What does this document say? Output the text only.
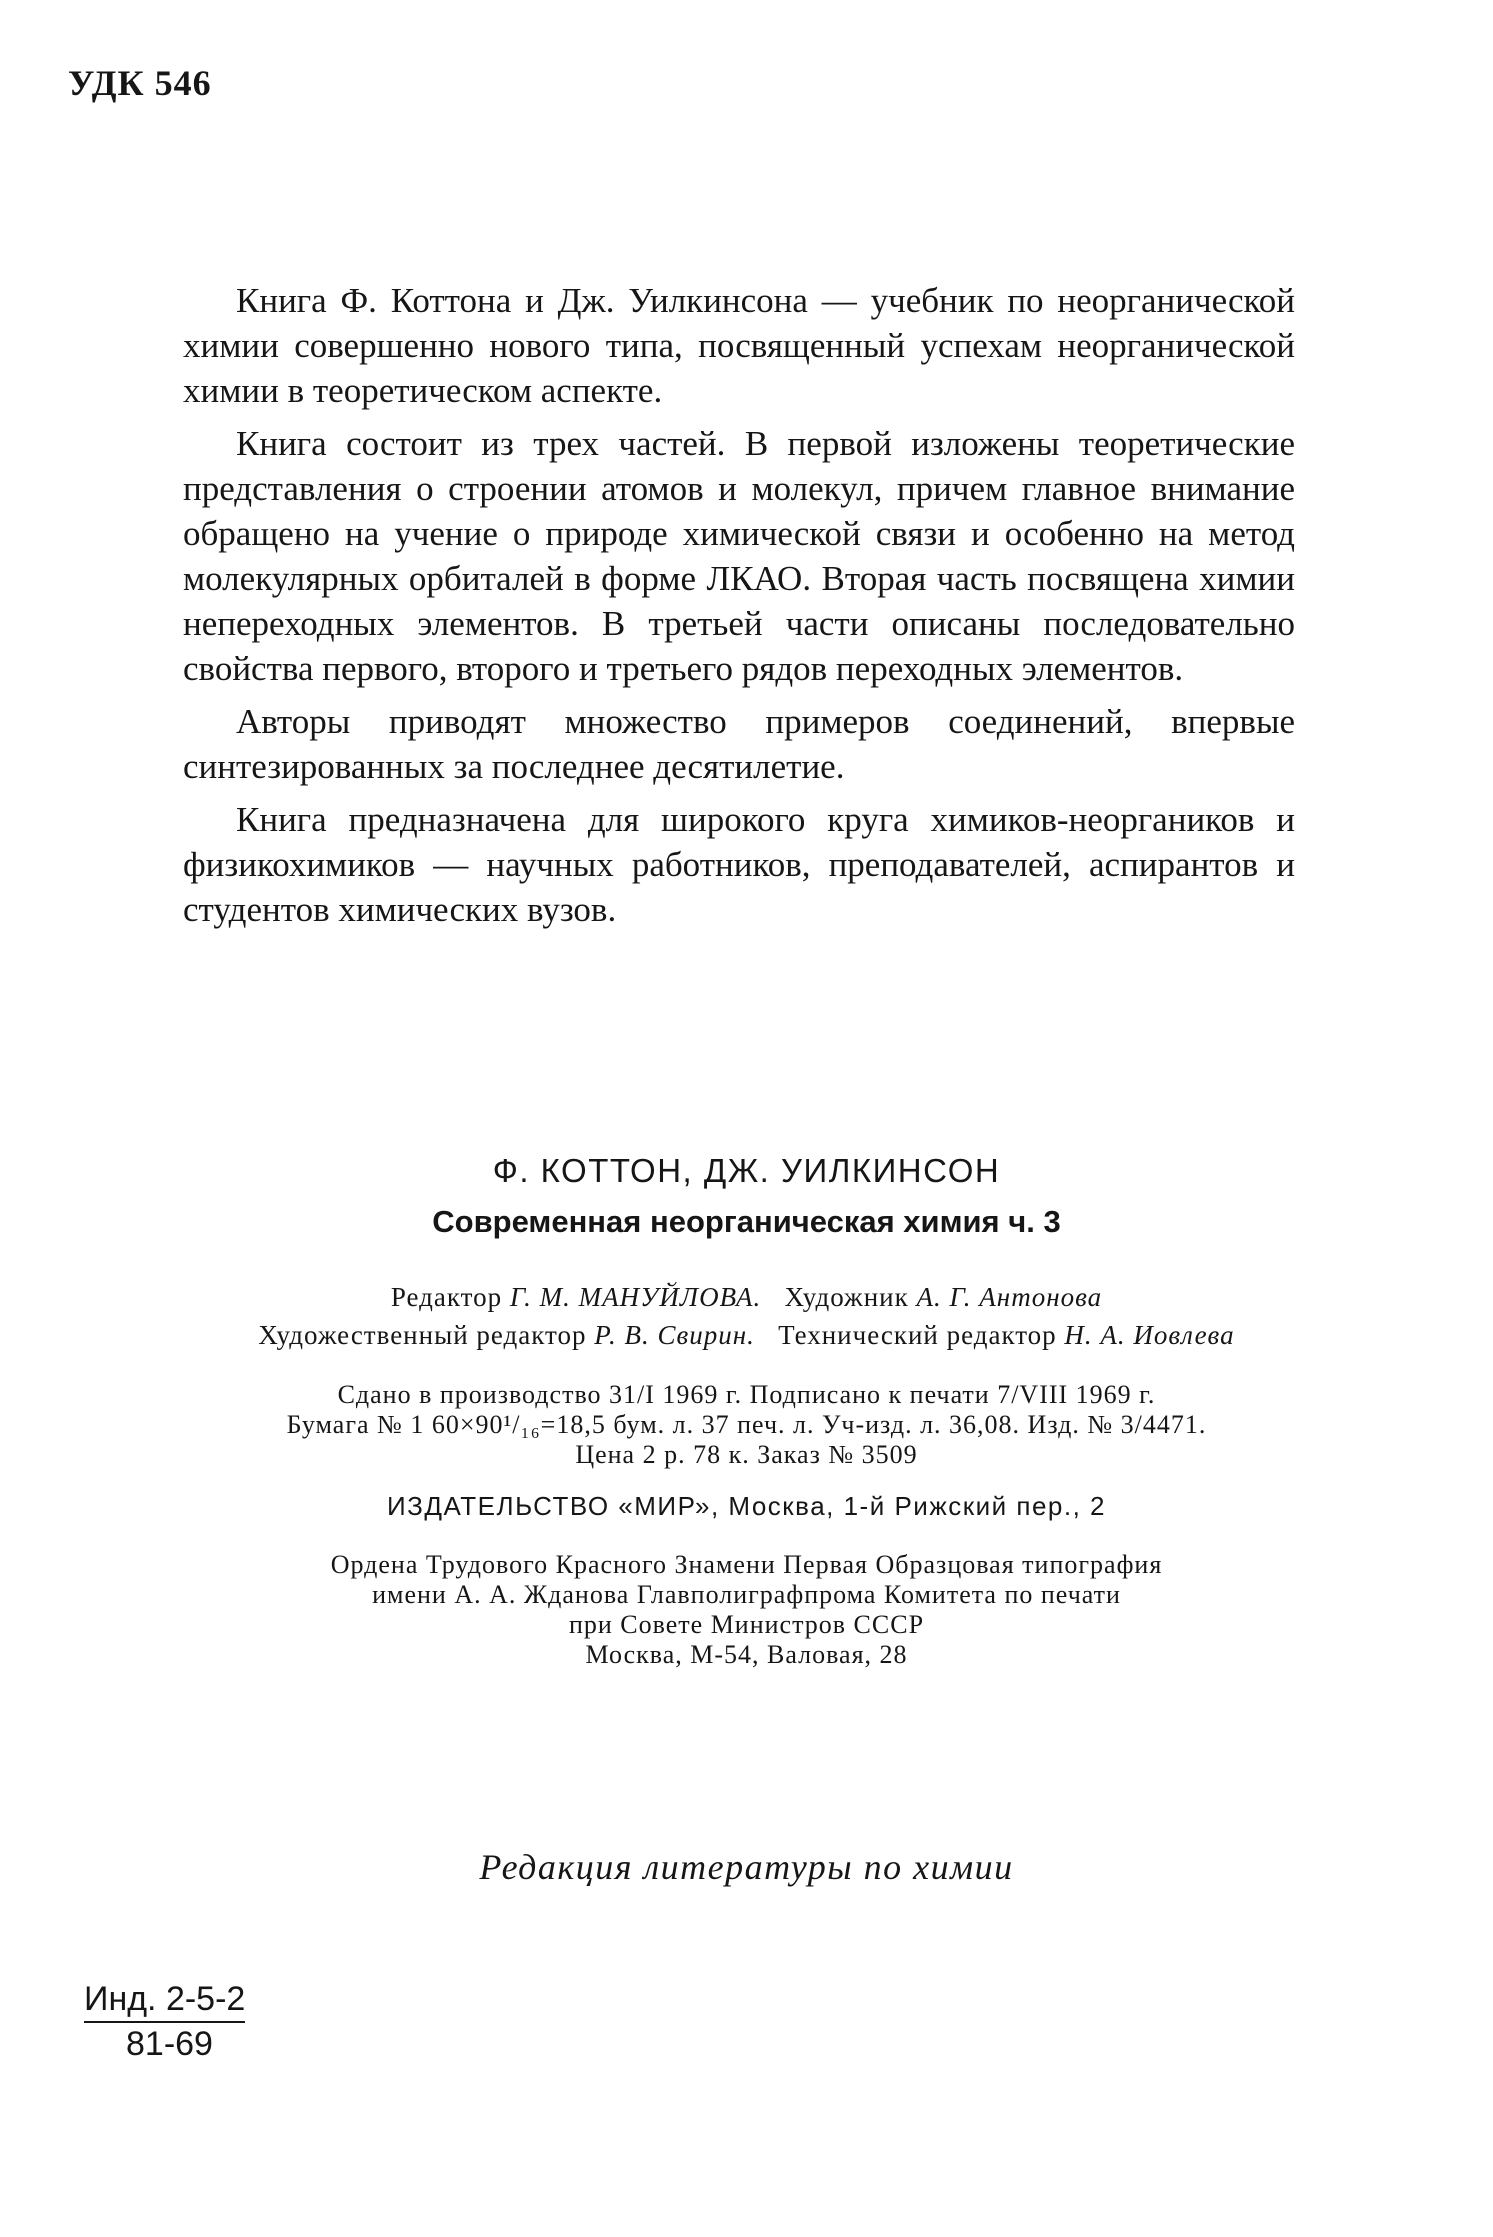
УДК 546

Книга Ф. Коттона и Дж. Уилкинсона — учебник по неорганической химии совершенно нового типа, посвященный успехам неорганической химии в теоретическом аспекте.

Книга состоит из трех частей. В первой изложены теоретические представления о строении атомов и молекул, причем главное внимание обращено на учение о природе химической связи и особенно на метод молекулярных орбиталей в форме ЛКАО. Вторая часть посвящена химии непереходных элементов. В третьей части описаны последовательно свойства первого, второго и третьего рядов переходных элементов.

Авторы приводят множество примеров соединений, впервые синтезированных за последнее десятилетие.

Книга предназначена для широкого круга химиков-неоргаников и физикохимиков — научных работников, преподавателей, аспирантов и студентов химических вузов.

Ф. КОТТОН, ДЖ. УИЛКИНСОН
Современная неорганическая химия ч. 3
Редактор Г. М. МАНУЙЛОВА. Художник А. Г. Антонова
Художественный редактор Р. В. Свирин. Технический редактор Н. А. Иовлева
Сдано в производство 31/I 1969 г. Подписано к печати 7/VIII 1969 г.
Бумага № 1 60×90¹/₁₆=18,5 бум. л. 37 печ. л. Уч-изд. л. 36,08. Изд. № 3/4471.
Цена 2 р. 78 к. Заказ № 3509
ИЗДАТЕЛЬСТВО «МИР», Москва, 1-й Рижский пер., 2
Ордена Трудового Красного Знамени Первая Образцовая типография
имени А. А. Жданова Главполиграфпрома Комитета по печати
при Совете Министров СССР
Москва, М-54, Валовая, 28
Редакция литературы по химии
Инд. 2-5-2
81-69
